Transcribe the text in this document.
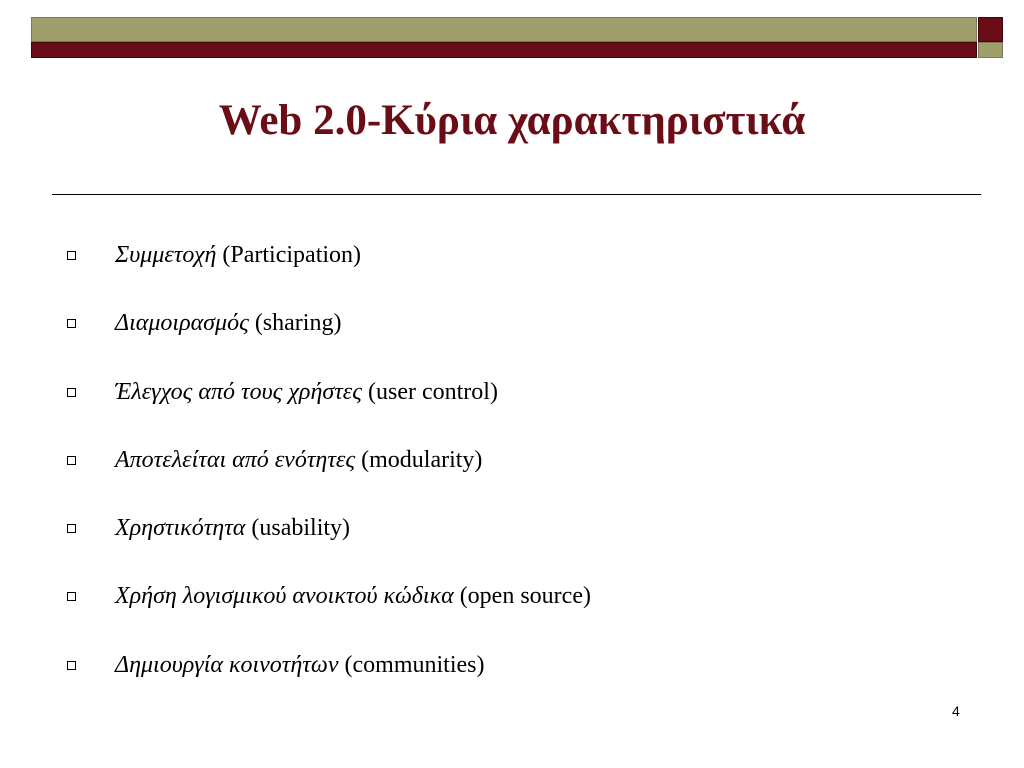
Web 2.0-Κύρια χαρακτηριστικά
Συμμετοχή (Participation)
Διαμοιρασμός (sharing)
Έλεγχος από τους χρήστες (user control)
Αποτελείται από ενότητες (modularity)
Χρηστικότητα (usability)
Χρήση λογισμικού ανοικτού κώδικα (open source)
Δημιουργία κοινοτήτων (communities)
4
